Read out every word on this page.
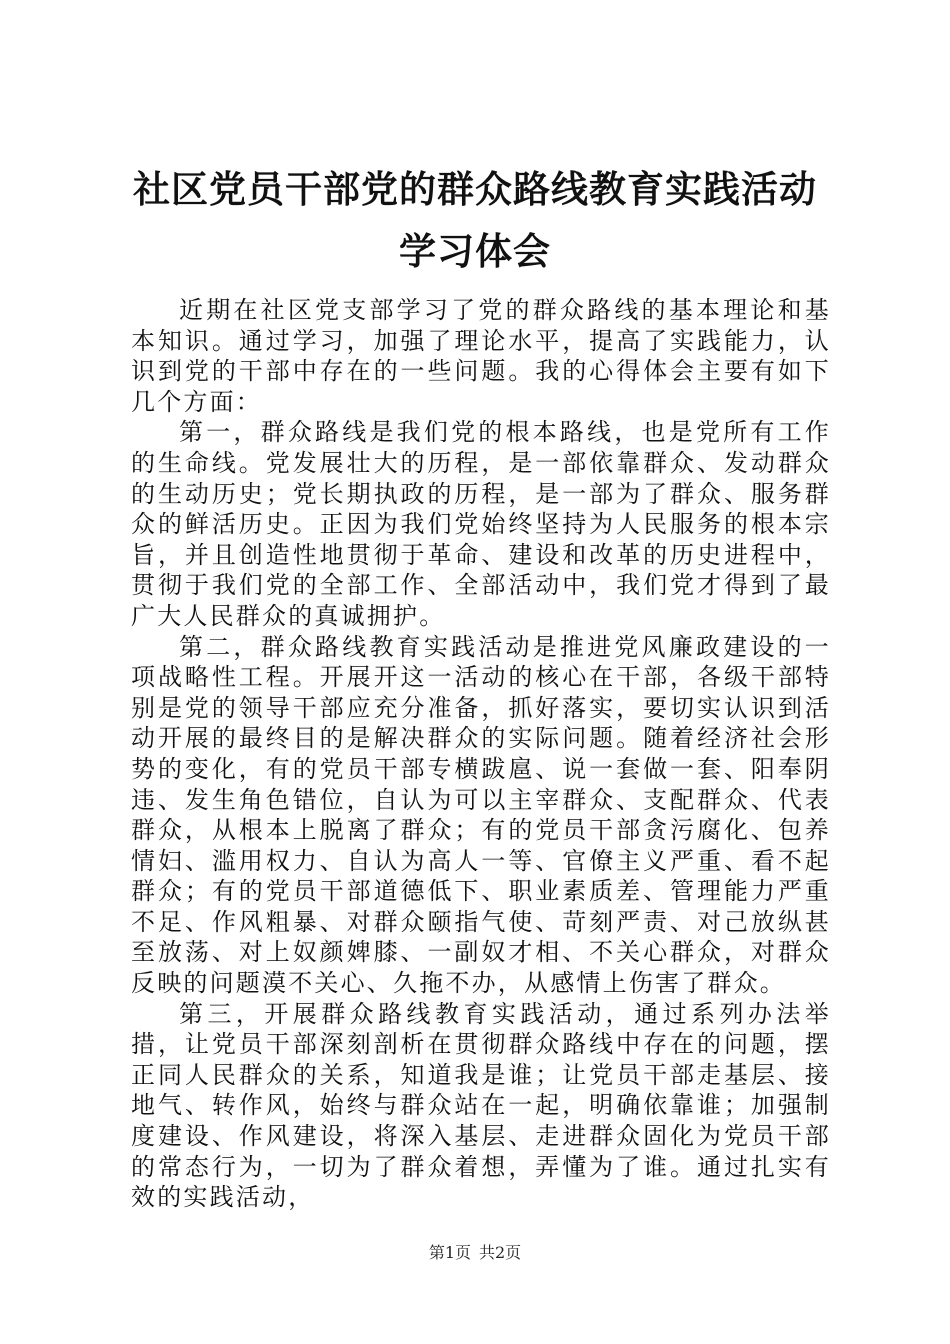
社区党员干部党的群众路线教育实践活动学习体会

近期在社区党支部学习了党的群众路线的基本理论和基本知识。通过学习，加强了理论水平，提高了实践能力，认识到党的干部中存在的一些问题。我的心得体会主要有如下几个方面：

第一，群众路线是我们党的根本路线，也是党所有工作的生命线。党发展壮大的历程，是一部依靠群众、发动群众的生动历史；党长期执政的历程，是一部为了群众、服务群众的鲜活历史。正因为我们党始终坚持为人民服务的根本宗旨，并且创造性地贯彻于革命、建设和改革的历史进程中，贯彻于我们党的全部工作、全部活动中，我们党才得到了最广大人民群众的真诚拥护。

第二，群众路线教育实践活动是推进党风廉政建设的一项战略性工程。开展开这一活动的核心在干部，各级干部特别是党的领导干部应充分准备，抓好落实，要切实认识到活动开展的最终目的是解决群众的实际问题。随着经济社会形势的变化，有的党员干部专横跋扈、说一套做一套、阳奉阴违、发生角色错位，自认为可以主宰群众、支配群众、代表群众，从根本上脱离了群众；有的党员干部贪污腐化、包养情妇、滥用权力、自认为高人一等、官僚主义严重、看不起群众；有的党员干部道德低下、职业素质差、管理能力严重不足、作风粗暴、对群众颐指气使、苛刻严责、对己放纵甚至放荡、对上奴颜婢膝、一副奴才相、不关心群众，对群众反映的问题漠不关心、久拖不办，从感情上伤害了群众。

第三，开展群众路线教育实践活动，通过系列办法举措，让党员干部深刻剖析在贯彻群众路线中存在的问题，摆正同人民群众的关系，知道我是谁；让党员干部走基层、接地气、转作风，始终与群众站在一起，明确依靠谁；加强制度建设、作风建设，将深入基层、走进群众固化为党员干部的常态行为，一切为了群众着想，弄懂为了谁。通过扎实有效的实践活动，

第1页 共2页
